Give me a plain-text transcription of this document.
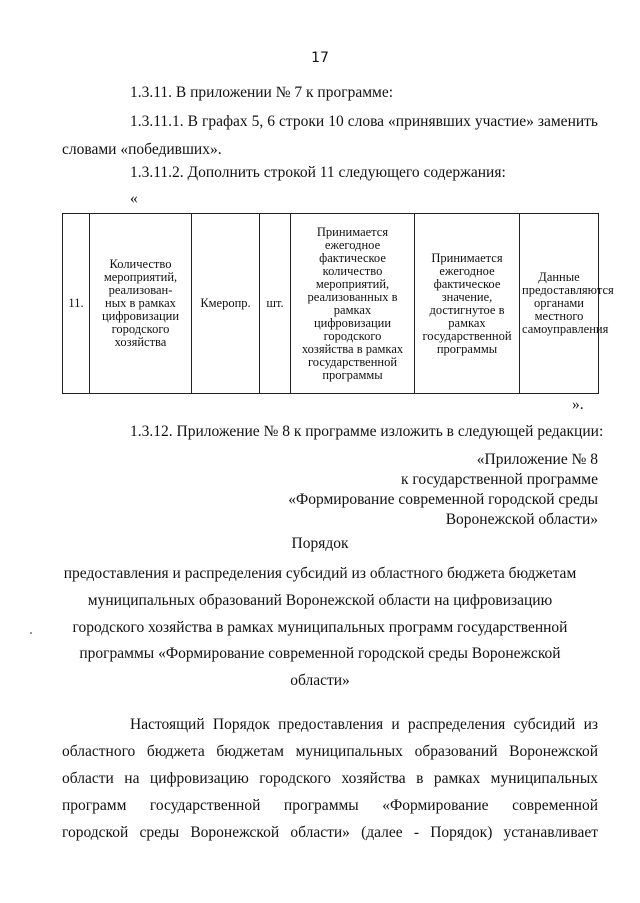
17
1.3.11. В приложении № 7 к программе:
1.3.11.1. В графах 5, 6 строки 10 слова «принявших участие» заменить
словами «победивших».
1.3.11.2. Дополнить строкой 11 следующего содержания:
«
11.	Количество
мероприятий,
реализован-
ных в рамках
цифровизации
городского
хозяйства	Кмеропр.	шт.	Принимается
ежегодное
фактическое
количество
мероприятий,
реализованных в
рамках
цифровизации
городского
хозяйства в рамках
государственной
программы	Принимается
ежегодное
фактическое
значение,
достигнутое в
рамках
государственной
программы	Данные
предоставляются
органами
местного
самоуправления
».
1.3.12. Приложение № 8 к программе изложить в следующей редакции:
«Приложение № 8
к государственной программе
«Формирование современной городской среды
Воронежской области»
Порядок
предоставления и распределения субсидий из областного бюджета бюджетам
муниципальных образований Воронежской области на цифровизацию
городского хозяйства в рамках муниципальных программ государственной
программы «Формирование современной городской среды Воронежской
области»
Настоящий Порядок предоставления и распределения субсидий из
областного бюджета бюджетам муниципальных образований Воронежской
области на цифровизацию городского хозяйства в рамках муниципальных
программ государственной программы «Формирование современной
городской среды Воронежской области» (далее - Порядок) устанавливает
